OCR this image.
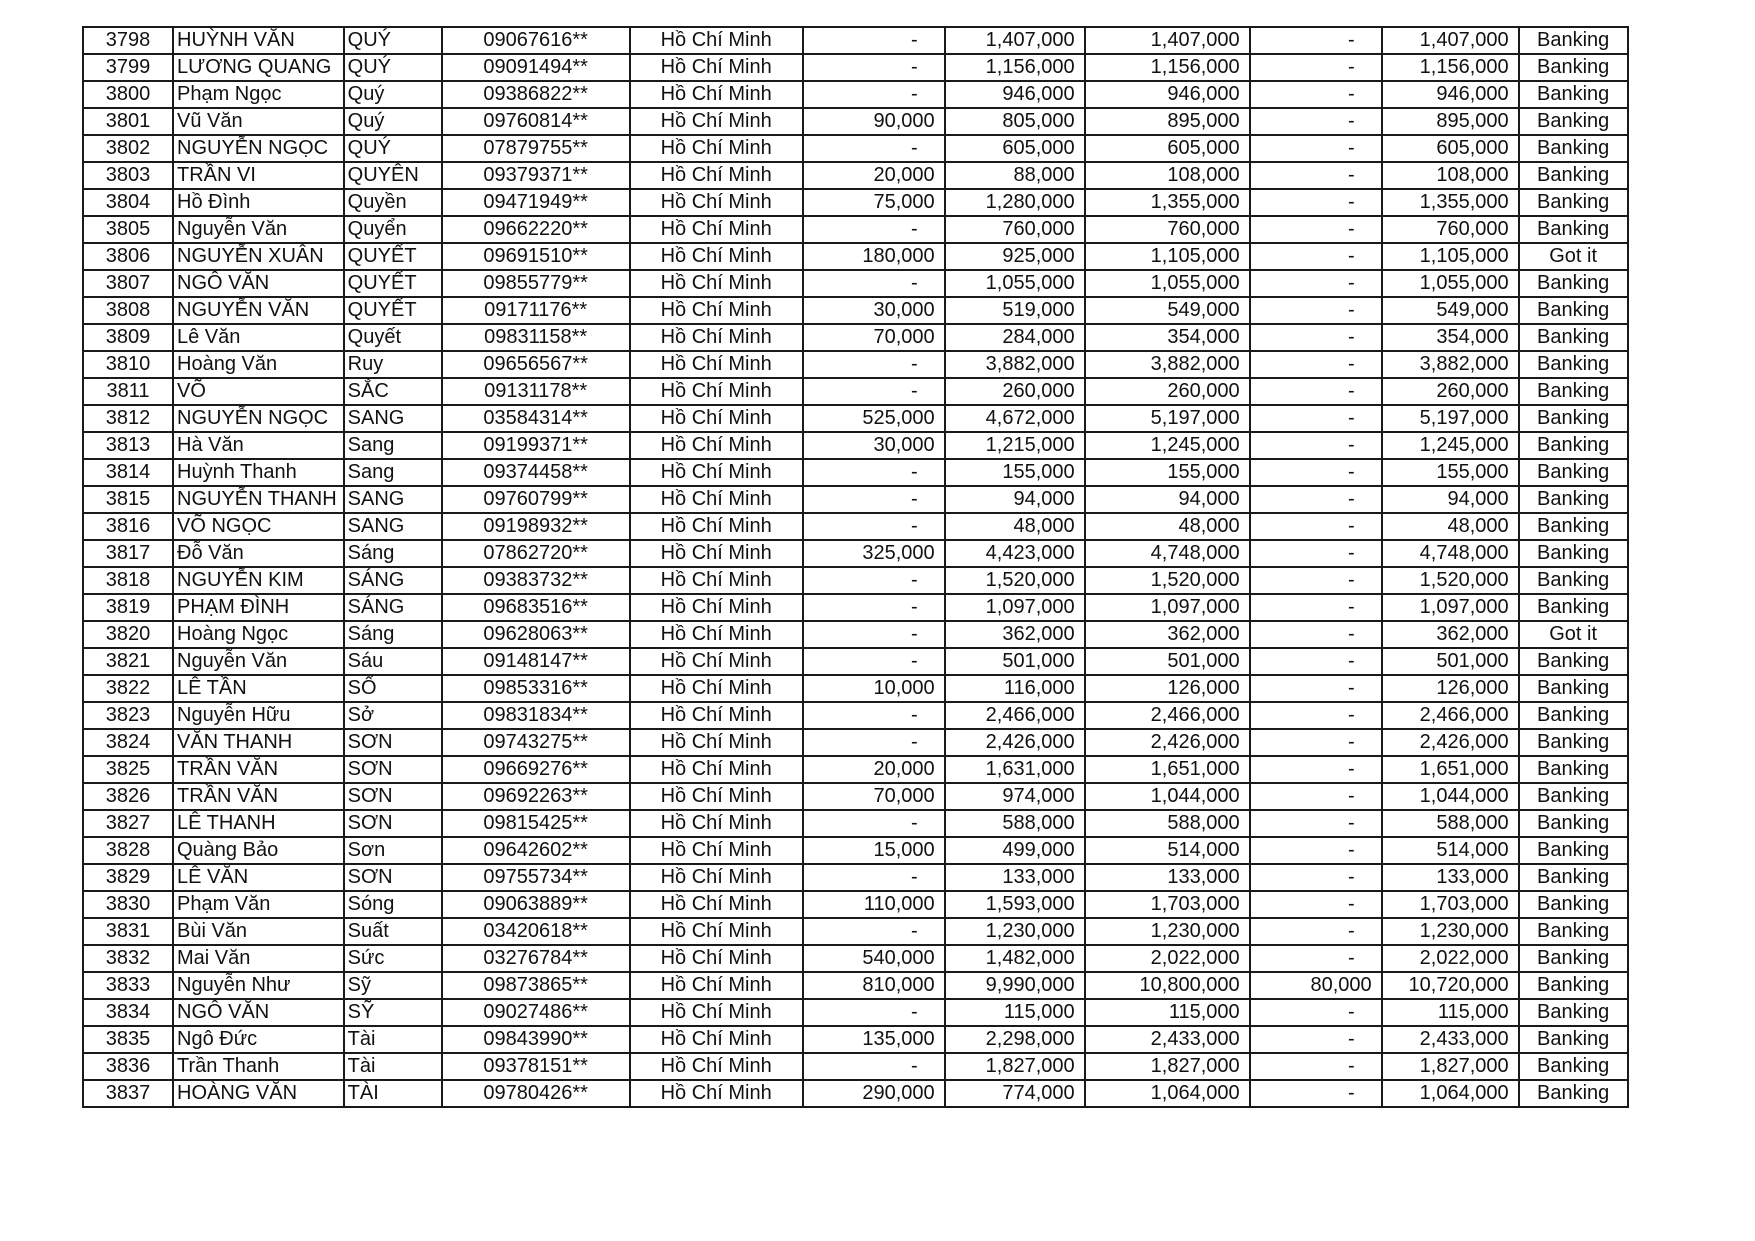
3798	HUỲNH VĂN	QUÝ	09067616**	Hồ Chí Minh	-	1,407,000	1,407,000	-	1,407,000	Banking
3799	LƯƠNG QUANG	QUÝ	09091494**	Hồ Chí Minh	-	1,156,000	1,156,000	-	1,156,000	Banking
3800	Phạm Ngọc	Quý	09386822**	Hồ Chí Minh	-	946,000	946,000	-	946,000	Banking
3801	Vũ Văn	Quý	09760814**	Hồ Chí Minh	90,000	805,000	895,000	-	895,000	Banking
3802	NGUYỄN NGỌC	QUÝ	07879755**	Hồ Chí Minh	-	605,000	605,000	-	605,000	Banking
3803	TRẦN VI	QUYÊN	09379371**	Hồ Chí Minh	20,000	88,000	108,000	-	108,000	Banking
3804	Hồ Đình	Quyền	09471949**	Hồ Chí Minh	75,000	1,280,000	1,355,000	-	1,355,000	Banking
3805	Nguyễn Văn	Quyển	09662220**	Hồ Chí Minh	-	760,000	760,000	-	760,000	Banking
3806	NGUYỄN XUÂN	QUYẾT	09691510**	Hồ Chí Minh	180,000	925,000	1,105,000	-	1,105,000	Got it
3807	NGÔ VĂN	QUYẾT	09855779**	Hồ Chí Minh	-	1,055,000	1,055,000	-	1,055,000	Banking
3808	NGUYỄN VĂN	QUYẾT	09171176**	Hồ Chí Minh	30,000	519,000	549,000	-	549,000	Banking
3809	Lê Văn	Quyết	09831158**	Hồ Chí Minh	70,000	284,000	354,000	-	354,000	Banking
3810	Hoàng Văn	Ruy	09656567**	Hồ Chí Minh	-	3,882,000	3,882,000	-	3,882,000	Banking
3811	VÕ	SẮC	09131178**	Hồ Chí Minh	-	260,000	260,000	-	260,000	Banking
3812	NGUYỄN NGỌC	SANG	03584314**	Hồ Chí Minh	525,000	4,672,000	5,197,000	-	5,197,000	Banking
3813	Hà Văn	Sang	09199371**	Hồ Chí Minh	30,000	1,215,000	1,245,000	-	1,245,000	Banking
3814	Huỳnh Thanh	Sang	09374458**	Hồ Chí Minh	-	155,000	155,000	-	155,000	Banking
3815	NGUYỄN THANH	SANG	09760799**	Hồ Chí Minh	-	94,000	94,000	-	94,000	Banking
3816	VÕ NGỌC	SANG	09198932**	Hồ Chí Minh	-	48,000	48,000	-	48,000	Banking
3817	Đỗ Văn	Sáng	07862720**	Hồ Chí Minh	325,000	4,423,000	4,748,000	-	4,748,000	Banking
3818	NGUYỄN KIM	SÁNG	09383732**	Hồ Chí Minh	-	1,520,000	1,520,000	-	1,520,000	Banking
3819	PHẠM ĐÌNH	SÁNG	09683516**	Hồ Chí Minh	-	1,097,000	1,097,000	-	1,097,000	Banking
3820	Hoàng Ngọc	Sáng	09628063**	Hồ Chí Minh	-	362,000	362,000	-	362,000	Got it
3821	Nguyễn Văn	Sáu	09148147**	Hồ Chí Minh	-	501,000	501,000	-	501,000	Banking
3822	LÊ TẦN	SỐ	09853316**	Hồ Chí Minh	10,000	116,000	126,000	-	126,000	Banking
3823	Nguyễn Hữu	Sở	09831834**	Hồ Chí Minh	-	2,466,000	2,466,000	-	2,466,000	Banking
3824	VĂN THANH	SƠN	09743275**	Hồ Chí Minh	-	2,426,000	2,426,000	-	2,426,000	Banking
3825	TRẦN VĂN	SƠN	09669276**	Hồ Chí Minh	20,000	1,631,000	1,651,000	-	1,651,000	Banking
3826	TRẦN VĂN	SƠN	09692263**	Hồ Chí Minh	70,000	974,000	1,044,000	-	1,044,000	Banking
3827	LÊ THANH	SƠN	09815425**	Hồ Chí Minh	-	588,000	588,000	-	588,000	Banking
3828	Quàng Bảo	Sơn	09642602**	Hồ Chí Minh	15,000	499,000	514,000	-	514,000	Banking
3829	LÊ VĂN	SƠN	09755734**	Hồ Chí Minh	-	133,000	133,000	-	133,000	Banking
3830	Phạm Văn	Sóng	09063889**	Hồ Chí Minh	110,000	1,593,000	1,703,000	-	1,703,000	Banking
3831	Bùi Văn	Suất	03420618**	Hồ Chí Minh	-	1,230,000	1,230,000	-	1,230,000	Banking
3832	Mai Văn	Sức	03276784**	Hồ Chí Minh	540,000	1,482,000	2,022,000	-	2,022,000	Banking
3833	Nguyễn Như	Sỹ	09873865**	Hồ Chí Minh	810,000	9,990,000	10,800,000	80,000	10,720,000	Banking
3834	NGÔ VĂN	SỸ	09027486**	Hồ Chí Minh	-	115,000	115,000	-	115,000	Banking
3835	Ngô Đức	Tài	09843990**	Hồ Chí Minh	135,000	2,298,000	2,433,000	-	2,433,000	Banking
3836	Trần Thanh	Tài	09378151**	Hồ Chí Minh	-	1,827,000	1,827,000	-	1,827,000	Banking
3837	HOÀNG VĂN	TÀI	09780426**	Hồ Chí Minh	290,000	774,000	1,064,000	-	1,064,000	Banking
